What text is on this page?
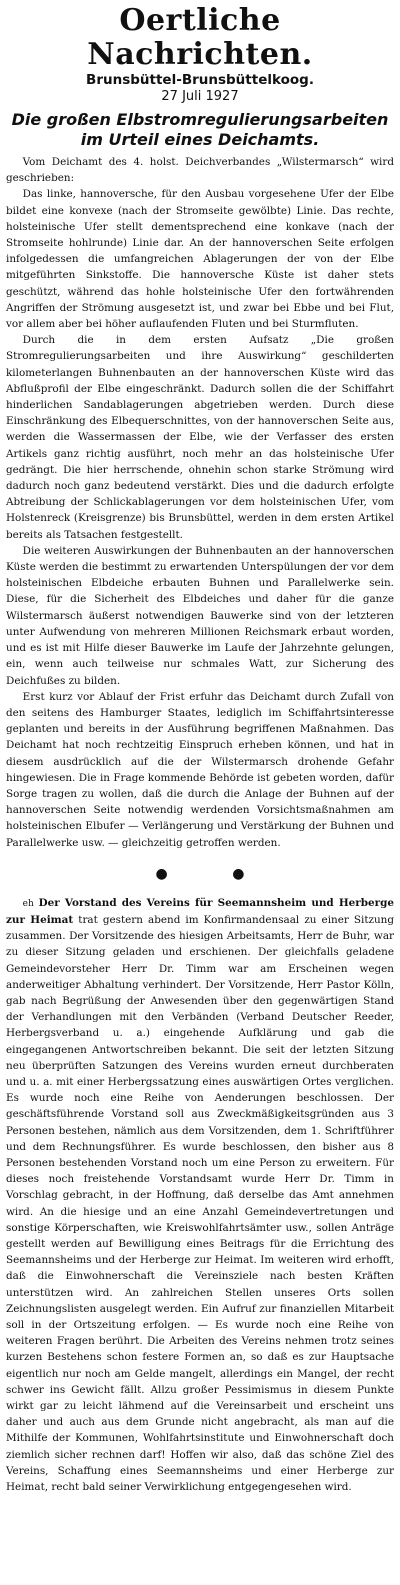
Oertliche Nachrichten.
Brunsbüttel-Brunsbüttelkoog.
27 Juli 1927
Die großen Elbstromregulierungsarbeiten
im Urteil eines Deichamts.

Vom Deichamt des 4. holst. Deichverbandes „Wilstermarsch“ wird geschrieben:

Das linke, hannoversche, für den Ausbau vorgesehene Ufer der Elbe bildet eine konvexe (nach der Stromseite gewölbte) Linie. Das rechte, holsteinische Ufer stellt dementsprechend eine konkave (nach der Stromseite hohlrunde) Linie dar. An der hannoverschen Seite erfolgen infolgedessen die umfangreichen Ablagerungen der von der Elbe mitgeführten Sinkstoffe. Die hannoversche Küste ist daher stets geschützt, während das hohle holsteinische Ufer den fortwährenden Angriffen der Strömung ausgesetzt ist, und zwar bei Ebbe und bei Flut, vor allem aber bei höher auflaufenden Fluten und bei Sturmfluten.

Durch die in dem ersten Aufsatz „Die großen Stromregulierungsarbeiten und ihre Auswirkung“ geschilderten kilometerlangen Buhnenbauten an der hannoverschen Küste wird das Abflußprofil der Elbe eingeschränkt. Dadurch sollen die der Schiffahrt hinderlichen Sandablagerungen abgetrieben werden. Durch diese Einschränkung des Elbequerschnittes, von der hannoverschen Seite aus, werden die Wassermassen der Elbe, wie der Verfasser des ersten Artikels ganz richtig ausführt, noch mehr an das holsteinische Ufer gedrängt. Die hier herrschende, ohnehin schon starke Strömung wird dadurch noch ganz bedeutend verstärkt. Dies und die dadurch erfolgte Abtreibung der Schlickablagerungen vor dem holsteinischen Ufer, vom Holstenreck (Kreisgrenze) bis Brunsbüttel, werden in dem ersten Artikel bereits als Tatsachen festgestellt.

Die weiteren Auswirkungen der Buhnenbauten an der hannoverschen Küste werden die bestimmt zu erwartenden Unterspülungen der vor dem holsteinischen Elbdeiche erbauten Buhnen und Parallelwerke sein. Diese, für die Sicherheit des Elbdeiches und daher für die ganze Wilstermarsch äußerst notwendigen Bauwerke sind von der letzteren unter Aufwendung von mehreren Millionen Reichsmark erbaut worden, und es ist mit Hilfe dieser Bauwerke im Laufe der Jahrzehnte gelungen, ein, wenn auch teilweise nur schmales Watt, zur Sicherung des Deichfußes zu bilden.

Erst kurz vor Ablauf der Frist erfuhr das Deichamt durch Zufall von den seitens des Hamburger Staates, lediglich im Schiffahrtsinteresse geplanten und bereits in der Ausführung begriffenen Maßnahmen. Das Deichamt hat noch rechtzeitig Einspruch erheben können, und hat in diesem ausdrücklich auf die der Wilstermarsch drohende Gefahr hingewiesen. Die in Frage kommende Behörde ist gebeten worden, dafür Sorge tragen zu wollen, daß die durch die Anlage der Buhnen auf der hannoverschen Seite notwendig werdenden Vorsichtsmaßnahmen am holsteinischen Elbufer — Verlängerung und Verstärkung der Buhnen und Parallelwerke usw. — gleichzeitig getroffen werden.

● ●

eh Der Vorstand des Vereins für Seemannsheim und Herberge zur Heimat trat gestern abend im Konfirmandensaal zu einer Sitzung zusammen. Der Vorsitzende des hiesigen Arbeitsamts, Herr de Buhr, war zu dieser Sitzung geladen und erschienen. Der gleichfalls geladene Gemeindevorsteher Herr Dr. Timm war am Erscheinen wegen anderweitiger Abhaltung verhindert. Der Vorsitzende, Herr Pastor Kölln, gab nach Begrüßung der Anwesenden über den gegenwärtigen Stand der Verhandlungen mit den Verbänden (Verband Deutscher Reeder, Herbergsverband u. a.) eingehende Aufklärung und gab die eingegangenen Antwortschreiben bekannt. Die seit der letzten Sitzung neu überprüften Satzungen des Vereins wurden erneut durchberaten und u. a. mit einer Herbergssatzung eines auswärtigen Ortes verglichen. Es wurde noch eine Reihe von Aenderungen beschlossen. Der geschäftsführende Vorstand soll aus Zweckmäßigkeitsgründen aus 3 Personen bestehen, nämlich aus dem Vorsitzenden, dem 1. Schriftführer und dem Rechnungsführer. Es wurde beschlossen, den bisher aus 8 Personen bestehenden Vorstand noch um eine Person zu erweitern. Für dieses noch freistehende Vorstandsamt wurde Herr Dr. Timm in Vorschlag gebracht, in der Hoffnung, daß derselbe das Amt annehmen wird. An die hiesige und an eine Anzahl Gemeindevertretungen und sonstige Körperschaften, wie Kreiswohlfahrtsämter usw., sollen Anträge gestellt werden auf Bewilligung eines Beitrags für die Errichtung des Seemannsheims und der Herberge zur Heimat. Im weiteren wird erhofft, daß die Einwohnerschaft die Vereinsziele nach besten Kräften unterstützen wird. An zahlreichen Stellen unseres Orts sollen Zeichnungslisten ausgelegt werden. Ein Aufruf zur finanziellen Mitarbeit soll in der Ortszeitung erfolgen. — Es wurde noch eine Reihe von weiteren Fragen berührt. Die Arbeiten des Vereins nehmen trotz seines kurzen Bestehens schon festere Formen an, so daß es zur Hauptsache eigentlich nur noch am Gelde mangelt, allerdings ein Mangel, der recht schwer ins Gewicht fällt. Allzu großer Pessimismus in diesem Punkte wirkt gar zu leicht lähmend auf die Vereinsarbeit und erscheint uns daher und auch aus dem Grunde nicht angebracht, als man auf die Mithilfe der Kommunen, Wohlfahrtsinstitute und Einwohnerschaft doch ziemlich sicher rechnen darf! Hoffen wir also, daß das schöne Ziel des Vereins, Schaffung eines Seemannsheims und einer Herberge zur Heimat, recht bald seiner Verwirklichung entgegengesehen wird.
